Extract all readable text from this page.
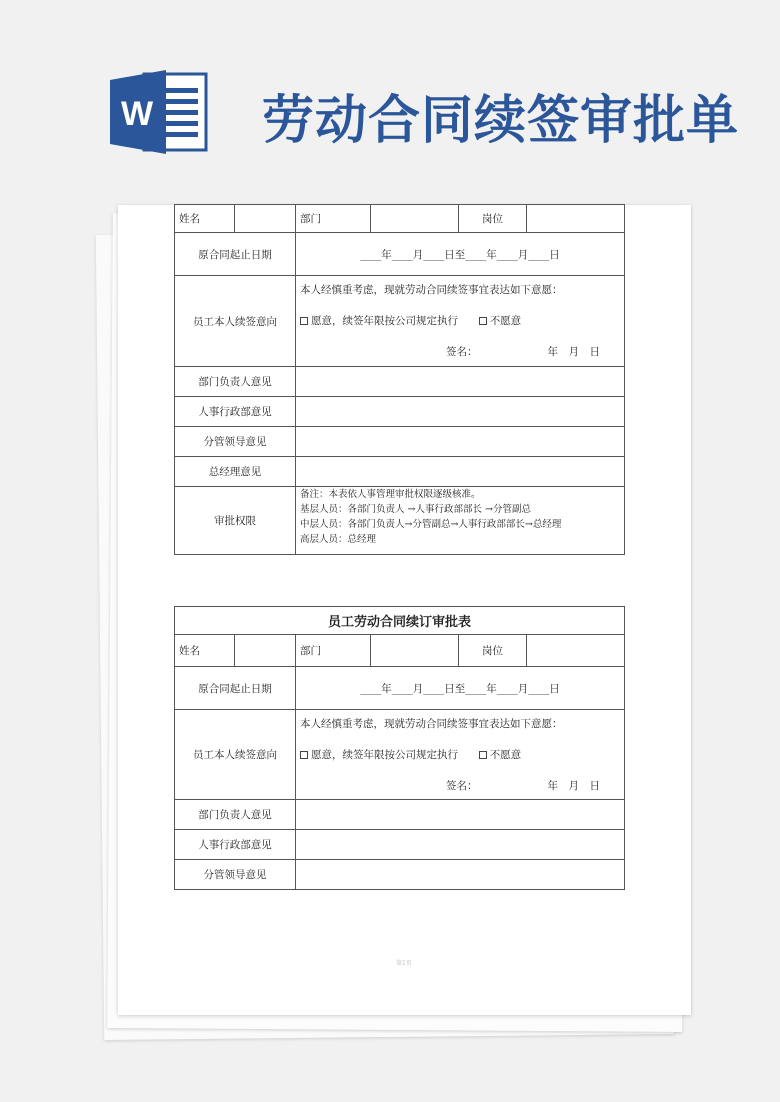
W 劳动合同续签审批单
姓名		部门		岗位	
原合同起止日期		____年____月____日至____年____月____日			
员工本人续签意向		本人经慎重考虑，现就劳动合同续签事宜表达如下意愿：
愿意，续签年限按公司规定执行 不愿意
签名： 年　月　日			

部门负责人意见					
人事行政部意见					
分管领导意见					
总经理意见					
审批权限		备注：本表依人事管理审批权限逐级核准。
基层人员：各部门负责人 →人事行政部部长 →分管副总
中层人员：各部门负责人→分管副总→人事行政部部长→总经理
高层人员：总经理			
员工劳动合同续订审批表					
姓名		部门		岗位	
原合同起止日期		____年____月____日至____年____月____日			
员工本人续签意向		本人经慎重考虑，现就劳动合同续签事宜表达如下意愿：
愿意，续签年限按公司规定执行 不愿意
签名： 年　月　日			

部门负责人意见					
人事行政部意见					
分管领导意见					
第1页
